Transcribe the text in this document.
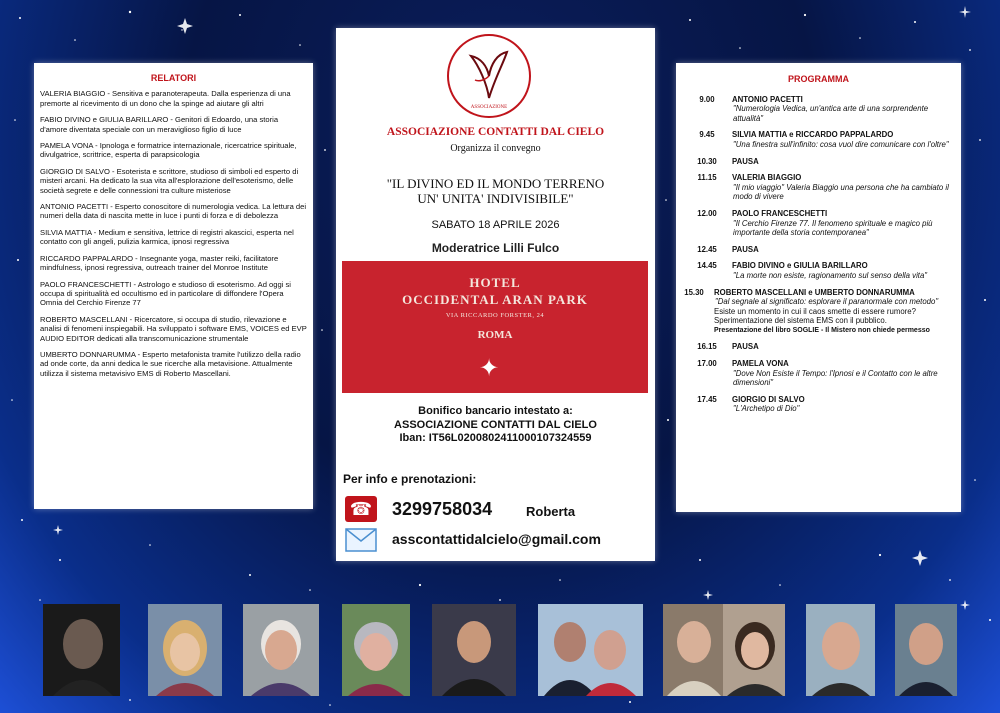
RELATORI
VALERIA BIAGGIO - Sensitiva e paranoterapeuta. Dalla esperienza di una premorte al ricevimento di un dono che la spinge ad aiutare gli altri
FABIO DIVINO e GIULIA BARILLARO - Genitori di Edoardo, una storia d'amore diventata speciale con un meraviglioso figlio di luce
PAMELA VONA - Ipnologa e formatrice internazionale, ricercatrice spirituale, divulgatrice, scrittrice, esperta di parapsicologia
GIORGIO DI SALVO - Esoterista e scrittore, studioso di simboli ed esperto di misteri arcani. Ha dedicato la sua vita all'esplorazione dell'esoterismo, delle società segrete e delle connessioni tra culture misteriose
ANTONIO PACETTI - Esperto conoscitore di numerologia vedica. La lettura dei numeri della data di nascita mette in luce i punti di forza e di debolezza
SILVIA MATTIA - Medium e sensitiva, lettrice di registri akascici, esperta nel contatto con gli angeli, pulizia karmica, ipnosi regressiva
RICCARDO PAPPALARDO - Insegnante yoga, master reiki, facilitatore mindfulness, ipnosi regressiva, outreach trainer del Monroe Institute
PAOLO FRANCESCHETTI - Astrologo e studioso di esoterismo. Ad oggi si occupa di spiritualità ed occultismo ed in particolare di diffondere l'Opera Omnia del Cerchio Firenze 77
ROBERTO MASCELLANI - Ricercatore, si occupa di studio, rilevazione e analisi di fenomeni inspiegabili. Ha sviluppato i software EMS, VOICES ed EVP AUDIO EDITOR dedicati alla transcomunicazione strumentale
UMBERTO DONNARUMMA - Esperto metafonista tramite l'utilizzo della radio ad onde corte, da anni dedica le sue ricerche alla metavisione. Attualmente utilizza il sistema metavisivo EMS di Roberto Mascellani.
ASSOCIAZIONE
ASSOCIAZIONE CONTATTI DAL CIELO
Organizza il convegno
"IL DIVINO ED IL MONDO TERRENO
UN' UNITA' INDIVISIBILE"
SABATO 18 APRILE 2026
Moderatrice Lilli Fulco
HOTEL
OCCIDENTAL ARAN PARK
VIA RICCARDO FORSTER, 24
ROMA
✦
Bonifico bancario intestato a:
ASSOCIAZIONE CONTATTI DAL CIELO
Iban: IT56L0200802411000107324559
Per info e prenotazioni:
☎ 3299758034	Roberta
asscontattidalcielo@gmail.com
PROGRAMMA
9.00	ANTONIO PACETTI
"Numerologia Vedica, un'antica arte di una sorprendente attualità"
9.45	SILVIA MATTIA e RICCARDO PAPPALARDO
"Una finestra sull'infinito: cosa vuol dire comunicare con l'oltre"
10.30	PAUSA
11.15	VALERIA BIAGGIO
"Il mio viaggio" Valeria Biaggio una persona che ha cambiato il modo di vivere
12.00	PAOLO FRANCESCHETTI
"Il Cerchio Firenze 77. Il fenomeno spirituale e magico più importante della storia contemporanea"
12.45	PAUSA
14.45	FABIO DIVINO e GIULIA BARILLARO
"La morte non esiste, ragionamento sul senso della vita"
15.30	ROBERTO MASCELLANI e UMBERTO DONNARUMMA
"Dal segnale al significato: esplorare il paranormale con metodo"
Esiste un momento in cui il caos smette di essere rumore?
Sperimentazione del sistema EMS con il pubblico.
Presentazione del libro SOGLIE - Il Mistero non chiede permesso
16.15	PAUSA
17.00	PAMELA VONA
"Dove Non Esiste il Tempo: l'Ipnosi e il Contatto con le altre dimensioni"
17.45	GIORGIO DI SALVO
"L'Archetipo di Dio"
